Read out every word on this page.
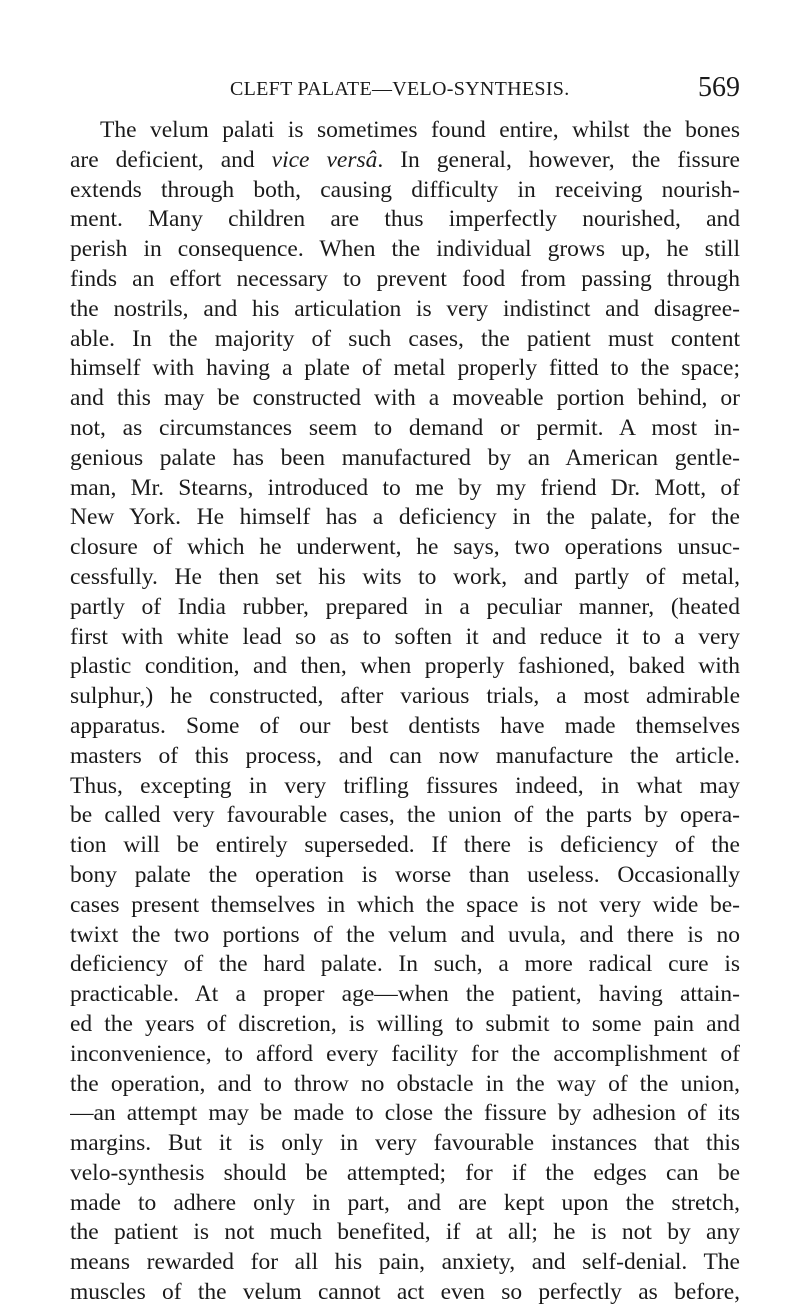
CLEFT PALATE—VELO-SYNTHESIS.	569
The velum palati is sometimes found entire, whilst the bones
are deficient, and vice versâ. In general, however, the fissure
extends through both, causing difficulty in receiving nourish-
ment. Many children are thus imperfectly nourished, and
perish in consequence. When the individual grows up, he still
finds an effort necessary to prevent food from passing through
the nostrils, and his articulation is very indistinct and disagree-
able. In the majority of such cases, the patient must content
himself with having a plate of metal properly fitted to the space;
and this may be constructed with a moveable portion behind, or
not, as circumstances seem to demand or permit. A most in-
genious palate has been manufactured by an American gentle-
man, Mr. Stearns, introduced to me by my friend Dr. Mott, of
New York. He himself has a deficiency in the palate, for the
closure of which he underwent, he says, two operations unsuc-
cessfully. He then set his wits to work, and partly of metal,
partly of India rubber, prepared in a peculiar manner, (heated
first with white lead so as to soften it and reduce it to a very
plastic condition, and then, when properly fashioned, baked with
sulphur,) he constructed, after various trials, a most admirable
apparatus. Some of our best dentists have made themselves
masters of this process, and can now manufacture the article.
Thus, excepting in very trifling fissures indeed, in what may
be called very favourable cases, the union of the parts by opera-
tion will be entirely superseded. If there is deficiency of the
bony palate the operation is worse than useless. Occasionally
cases present themselves in which the space is not very wide be-
twixt the two portions of the velum and uvula, and there is no
deficiency of the hard palate. In such, a more radical cure is
practicable. At a proper age—when the patient, having attain-
ed the years of discretion, is willing to submit to some pain and
inconvenience, to afford every facility for the accomplishment of
the operation, and to throw no obstacle in the way of the union,
—an attempt may be made to close the fissure by adhesion of its
margins. But it is only in very favourable instances that this
velo-synthesis should be attempted; for if the edges can be
made to adhere only in part, and are kept upon the stretch,
the patient is not much benefited, if at all; he is not by any
means rewarded for all his pain, anxiety, and self-denial. The
muscles of the velum cannot act even so perfectly as before,
